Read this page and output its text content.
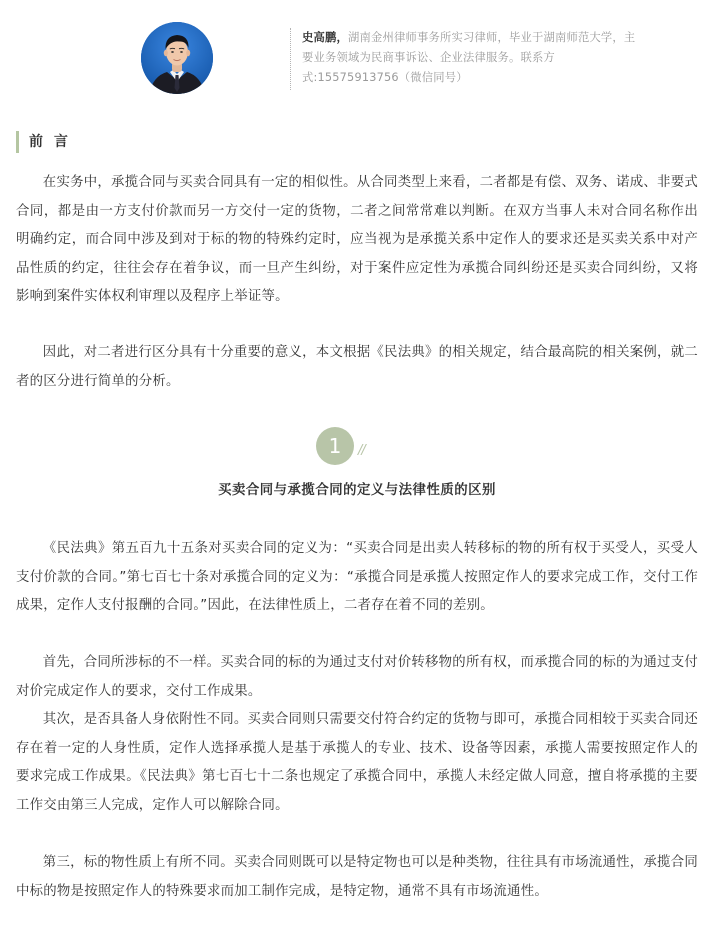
史高鹏，湖南金州律师事务所实习律师，毕业于湖南师范大学，主要业务领域为民商事诉讼、企业法律服务。联系方式:15575913756（微信同号）
前 言

在实务中，承揽合同与买卖合同具有一定的相似性。从合同类型上来看，二者都是有偿、双务、诺成、非要式合同，都是由一方支付价款而另一方交付一定的货物，二者之间常常难以判断。在双方当事人未对合同名称作出明确约定，而合同中涉及到对于标的物的特殊约定时，应当视为是承揽关系中定作人的要求还是买卖关系中对产品性质的约定，往往会存在着争议，而一旦产生纠纷，对于案件应定性为承揽合同纠纷还是买卖合同纠纷，又将影响到案件实体权利审理以及程序上举证等。

因此，对二者进行区分具有十分重要的意义，本文根据《民法典》的相关规定，结合最高院的相关案例，就二者的区分进行简单的分析。

1	//
买卖合同与承揽合同的定义与法律性质的区别

《民法典》第五百九十五条对买卖合同的定义为：“买卖合同是出卖人转移标的物的所有权于买受人，买受人支付价款的合同。”第七百七十条对承揽合同的定义为：“承揽合同是承揽人按照定作人的要求完成工作，交付工作成果，定作人支付报酬的合同。”因此，在法律性质上，二者存在着不同的差别。

首先，合同所涉标的不一样。买卖合同的标的为通过支付对价转移物的所有权，而承揽合同的标的为通过支付对价完成定作人的要求，交付工作成果。

其次，是否具备人身依附性不同。买卖合同则只需要交付符合约定的货物与即可，承揽合同相较于买卖合同还存在着一定的人身性质，定作人选择承揽人是基于承揽人的专业、技术、设备等因素，承揽人需要按照定作人的要求完成工作成果。《民法典》第七百七十二条也规定了承揽合同中，承揽人未经定做人同意，擅自将承揽的主要工作交由第三人完成，定作人可以解除合同。

第三，标的物性质上有所不同。买卖合同则既可以是特定物也可以是种类物，往往具有市场流通性，承揽合同中标的物是按照定作人的特殊要求而加工制作完成，是特定物，通常不具有市场流通性。
